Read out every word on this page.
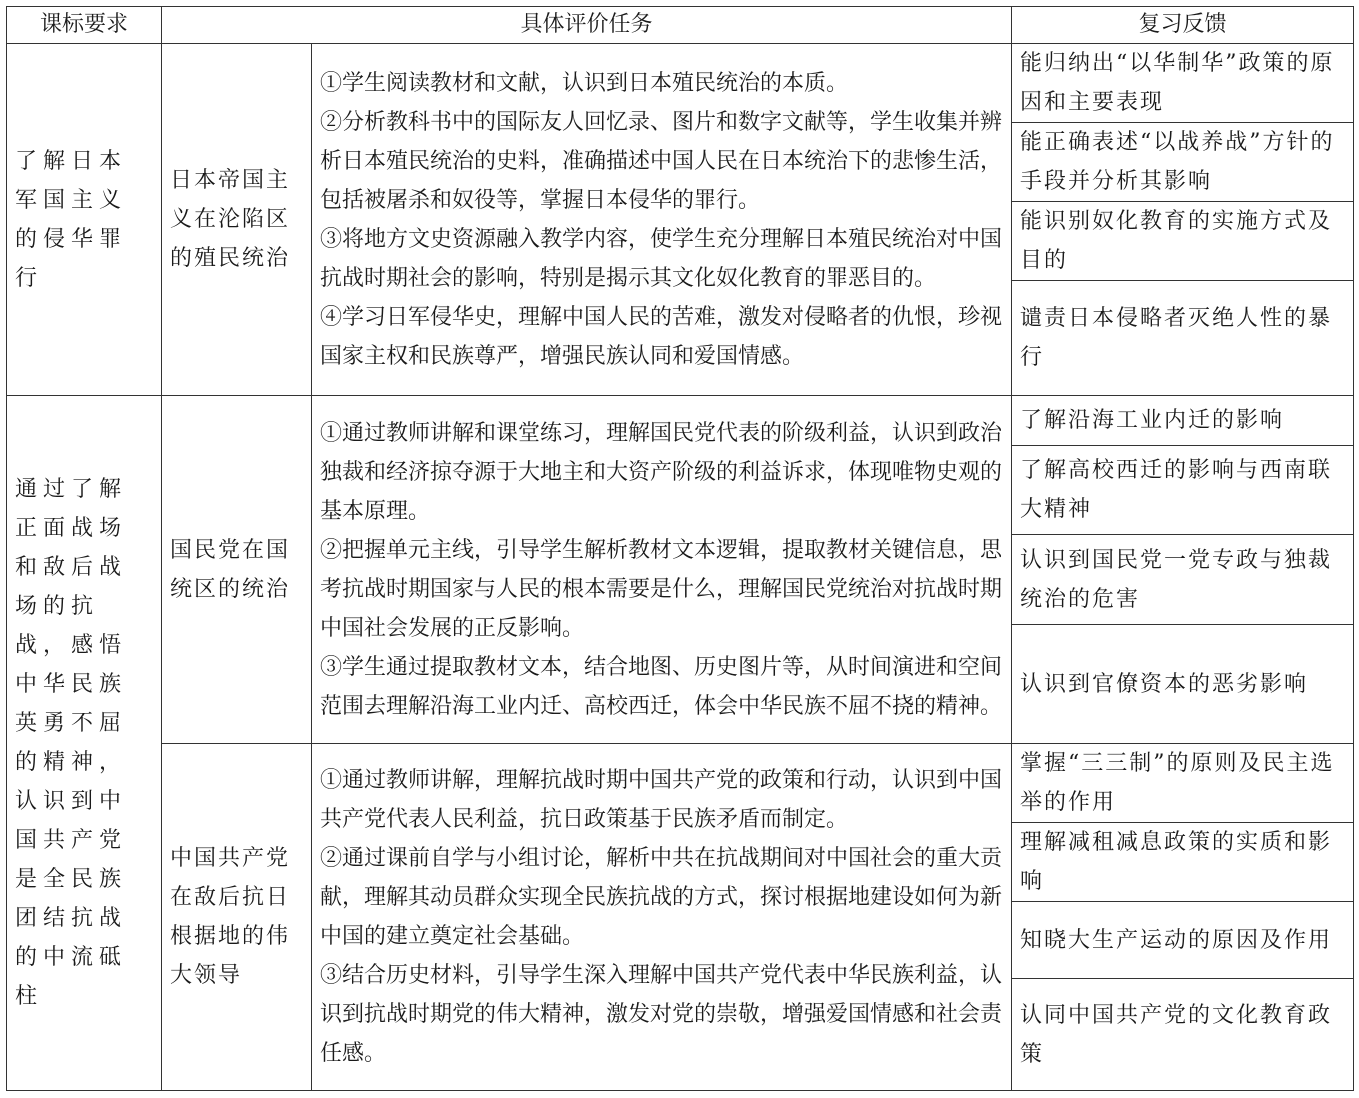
课标要求	具体评价任务		复习反馈
了解日本军国主义的侵华罪行	日本帝国主义在沦陷区的殖民统治	①学生阅读教材和文献，认识到日本殖民统治的本质。

②分析教科书中的国际友人回忆录、图片和数字文献等，学生收集并辨析日本殖民统治的史料，准确描述中国人民在日本统治下的悲惨生活，包括被屠杀和奴役等，掌握日本侵华的罪行。

③将地方文史资源融入教学内容，使学生充分理解日本殖民统治对中国抗战时期社会的影响，特别是揭示其文化奴化教育的罪恶目的。

④学习日军侵华史，理解中国人民的苦难，激发对侵略者的仇恨，珍视国家主权和民族尊严，增强民族认同和爱国情感。	能归纳出“以华制华”政策的原因和主要表现
			能正确表述“以战养战”方针的手段并分析其影响
			能识别奴化教育的实施方式及目的
			谴责日本侵略者灭绝人性的暴行
通过了解正面战场和敌后战场的抗战，感悟中华民族英勇不屈的精神，认识到中国共产党是全民族团结抗战的中流砥柱	国民党在国统区的统治	①通过教师讲解和课堂练习，理解国民党代表的阶级利益，认识到政治独裁和经济掠夺源于大地主和大资产阶级的利益诉求，体现唯物史观的基本原理。

②把握单元主线，引导学生解析教材文本逻辑，提取教材关键信息，思考抗战时期国家与人民的根本需要是什么，理解国民党统治对抗战时期中国社会发展的正反影响。

③学生通过提取教材文本，结合地图、历史图片等，从时间演进和空间范围去理解沿海工业内迁、高校西迁，体会中华民族不屈不挠的精神。	了解沿海工业内迁的影响
			了解高校西迁的影响与西南联大精神
			认识到国民党一党专政与独裁统治的危害
			认识到官僚资本的恶劣影响
	中国共产党在敌后抗日根据地的伟大领导	①通过教师讲解，理解抗战时期中国共产党的政策和行动，认识到中国共产党代表人民利益，抗日政策基于民族矛盾而制定。

②通过课前自学与小组讨论，解析中共在抗战期间对中国社会的重大贡献，理解其动员群众实现全民族抗战的方式，探讨根据地建设如何为新中国的建立奠定社会基础。

③结合历史材料，引导学生深入理解中国共产党代表中华民族利益，认识到抗战时期党的伟大精神，激发对党的崇敬，增强爱国情感和社会责任感。	掌握“三三制”的原则及民主选举的作用
			理解减租减息政策的实质和影响
			知晓大生产运动的原因及作用
			认同中国共产党的文化教育政策
